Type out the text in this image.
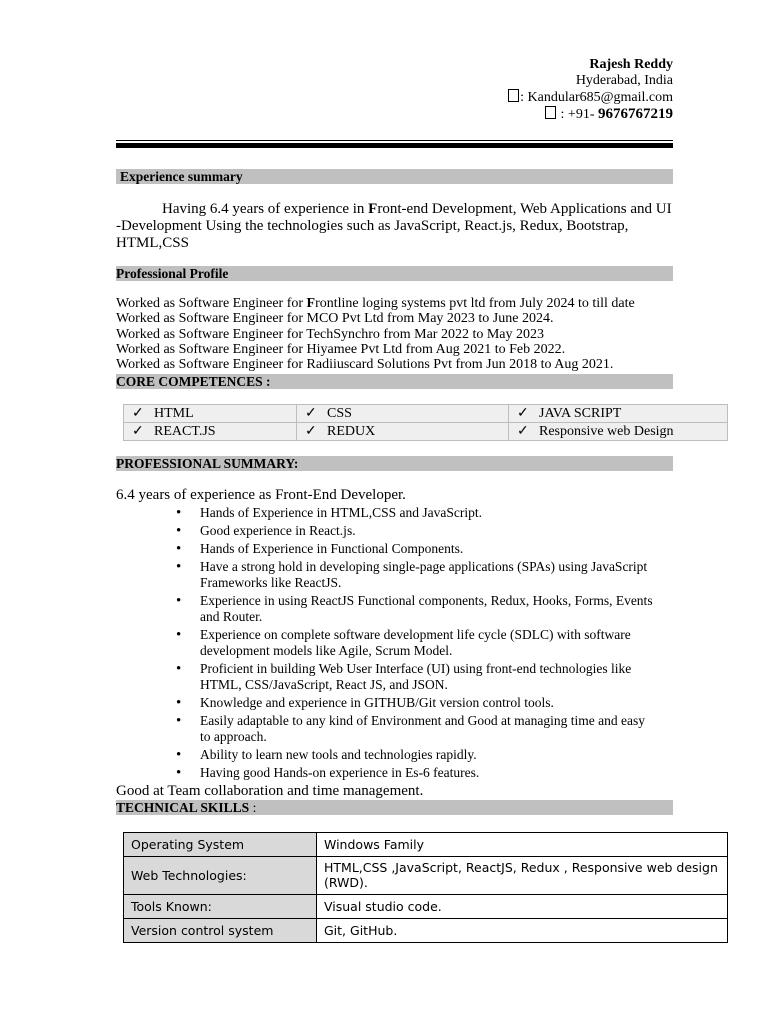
Rajesh Reddy
Hyderabad, India
: Kandular685@gmail.com
: +91- 9676767219
Experience summary
Having 6.4 years of experience in Front-end Development, Web Applications and UI -Development Using the technologies such as JavaScript, React.js, Redux, Bootstrap, HTML,CSS
Professional Profile
Worked as Software Engineer for Frontline loging systems pvt ltd from July 2024 to till date
Worked as Software Engineer for MCO Pvt Ltd from May 2023 to June 2024.
Worked as Software Engineer for TechSynchro from Mar 2022 to May 2023
Worked as Software Engineer for Hiyamee Pvt Ltd from Aug 2021 to Feb 2022.
Worked as Software Engineer for Radiiuscard Solutions Pvt from Jun 2018 to Aug 2021.
CORE COMPETENCES :
✓ HTML	✓ CSS	✓ JAVA SCRIPT
✓ REACT.JS	✓ REDUX	✓ Responsive web Design
PROFESSIONAL SUMMARY:
6.4 years of experience as Front-End Developer.
• Hands of Experience in HTML,CSS and JavaScript.
• Good experience in React.js.
• Hands of Experience in Functional Components.
• Have a strong hold in developing single-page applications (SPAs) using JavaScript Frameworks like ReactJS.
• Experience in using ReactJS Functional components, Redux, Hooks, Forms, Events and Router.
• Experience on complete software development life cycle (SDLC) with software development models like Agile, Scrum Model.
• Proficient in building Web User Interface (UI) using front-end technologies like HTML, CSS/JavaScript, React JS, and JSON.
• Knowledge and experience in GITHUB/Git version control tools.
• Easily adaptable to any kind of Environment and Good at managing time and easy to approach.
• Ability to learn new tools and technologies rapidly.
• Having good Hands-on experience in Es-6 features.
Good at Team collaboration and time management.
TECHNICAL SKILLS :
Operating System	Windows Family
Web Technologies:	HTML,CSS ,JavaScript, ReactJS, Redux , Responsive web design (RWD).
Tools Known:	Visual studio code.
Version control system	Git, GitHub.
